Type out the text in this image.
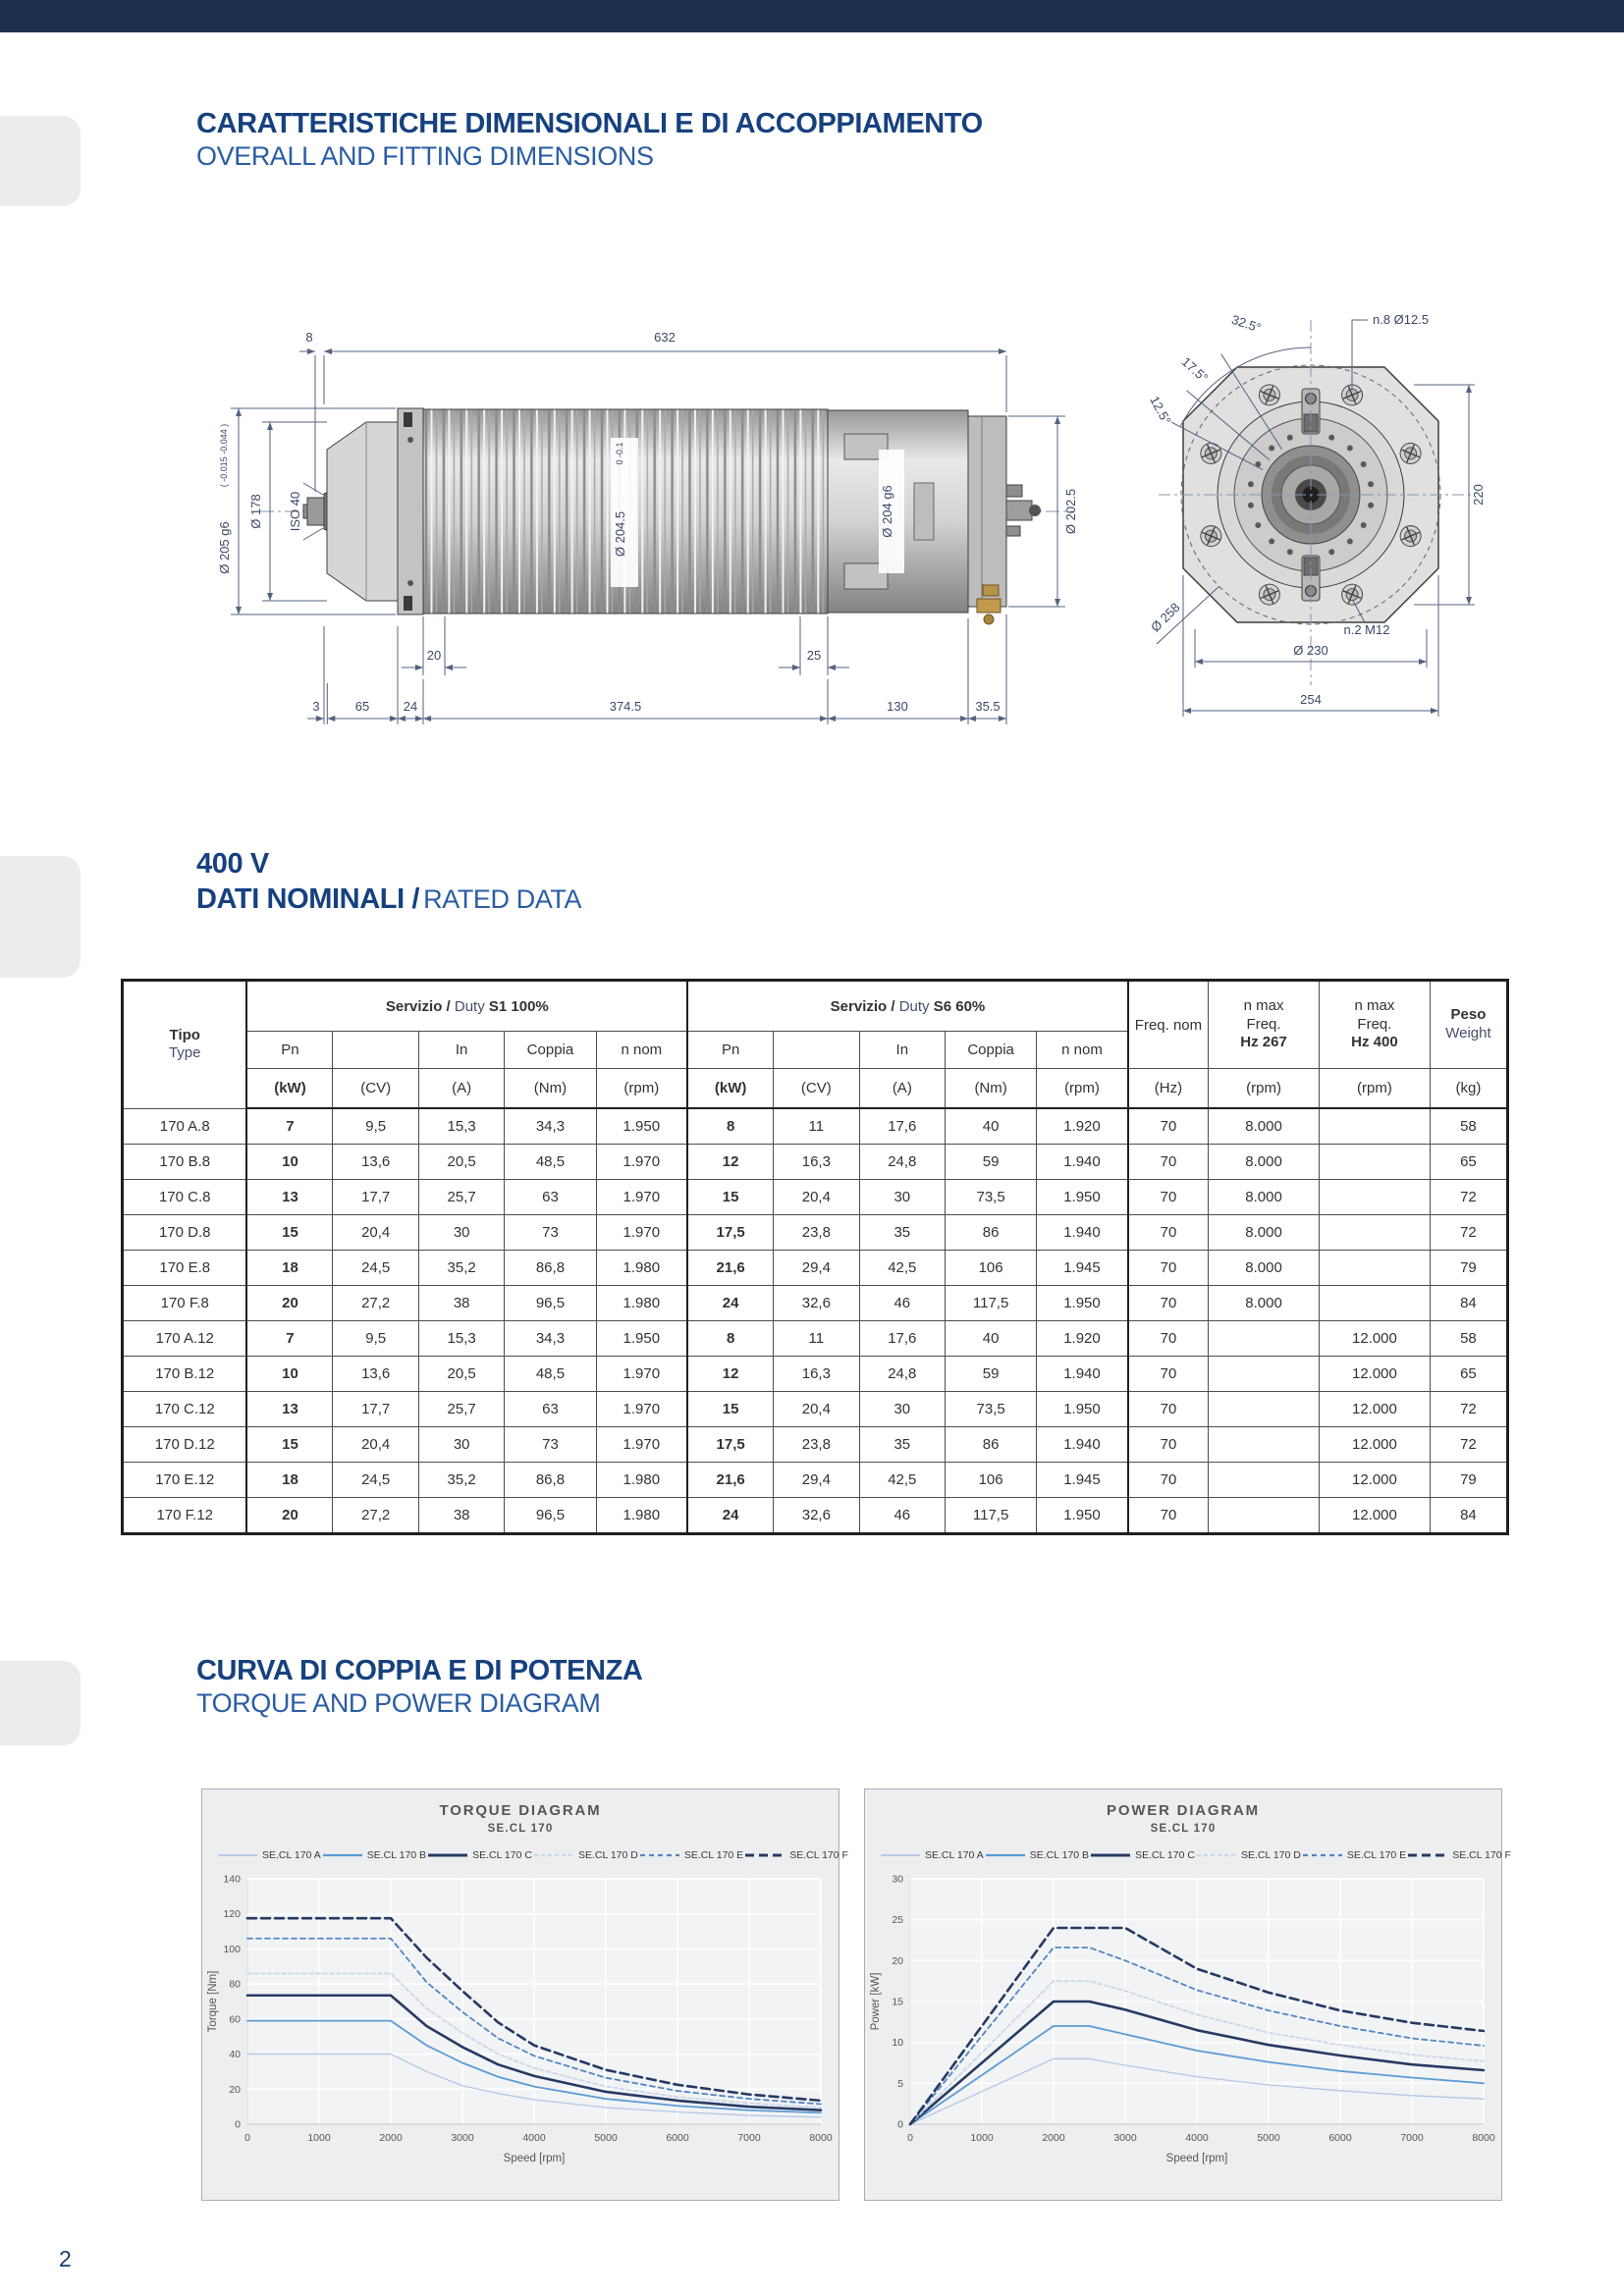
CARATTERISTICHE DIMENSIONALI E DI ACCOPPIAMENTO
OVERALL AND FITTING DIMENSIONS
8	632
Ø 205 g6
( -0.015 -0.044 )
Ø 178 ISO 40	Ø 204.5
0 -0.1
Ø 204 g6	Ø 202.5
20	25
3	65	24	374.5	130	35.5
32.5°
17.5°
12.5°
n.8 Ø12.5
220
Ø 258	n.2 M12
Ø 230
254
400 V
DATI NOMINALI / RATED DATA
Tipo
Type	Servizio / Duty S1 100%					Servizio / Duty S6 60%					Freq. nom	n max
Freq.
Hz 267	n max
Freq.
Hz 400	Peso
Weight
	Pn		In	Coppia	n nom	Pn		In	Coppia	n nom				
	(kW)	(CV)	(A)	(Nm)	(rpm)	(kW)	(CV)	(A)	(Nm)	(rpm)	(Hz)	(rpm)	(rpm)	(kg)
170 A.8	7	9,5	15,3	34,3	1.950	8	11	17,6	40	1.920	70	8.000		58
170 B.8	10	13,6	20,5	48,5	1.970	12	16,3	24,8	59	1.940	70	8.000		65
170 C.8	13	17,7	25,7	63	1.970	15	20,4	30	73,5	1.950	70	8.000		72
170 D.8	15	20,4	30	73	1.970	17,5	23,8	35	86	1.940	70	8.000		72
170 E.8	18	24,5	35,2	86,8	1.980	21,6	29,4	42,5	106	1.945	70	8.000		79
170 F.8	20	27,2	38	96,5	1.980	24	32,6	46	117,5	1.950	70	8.000		84
170 A.12	7	9,5	15,3	34,3	1.950	8	11	17,6	40	1.920	70		12.000	58
170 B.12	10	13,6	20,5	48,5	1.970	12	16,3	24,8	59	1.940	70		12.000	65
170 C.12	13	17,7	25,7	63	1.970	15	20,4	30	73,5	1.950	70		12.000	72
170 D.12	15	20,4	30	73	1.970	17,5	23,8	35	86	1.940	70		12.000	72
170 E.12	18	24,5	35,2	86,8	1.980	21,6	29,4	42,5	106	1.945	70		12.000	79
170 F.12	20	27,2	38	96,5	1.980	24	32,6	46	117,5	1.950	70		12.000	84
CURVA DI COPPIA E DI POTENZA
TORQUE AND POWER DIAGRAM
TORQUE DIAGRAM
SE.CL 170
SE.CL 170 A	SE.CL 170 B	SE.CL 170 C	SE.CL 170 D	SE.CL 170 E	SE.CL 170 F
0	1000	2000	3000	4000	5000	6000	7000	8000
0
20
40
60
80
100
120
140
Speed [rpm]
Torque [Nm]
POWER DIAGRAM
SE.CL 170
SE.CL 170 A	SE.CL 170 B	SE.CL 170 C	SE.CL 170 D	SE.CL 170 E	SE.CL 170 F
0	1000	2000	3000	4000	5000	6000	7000	8000
0
5
10
15
20
25
30
Speed [rpm]
Power [kW]
2
